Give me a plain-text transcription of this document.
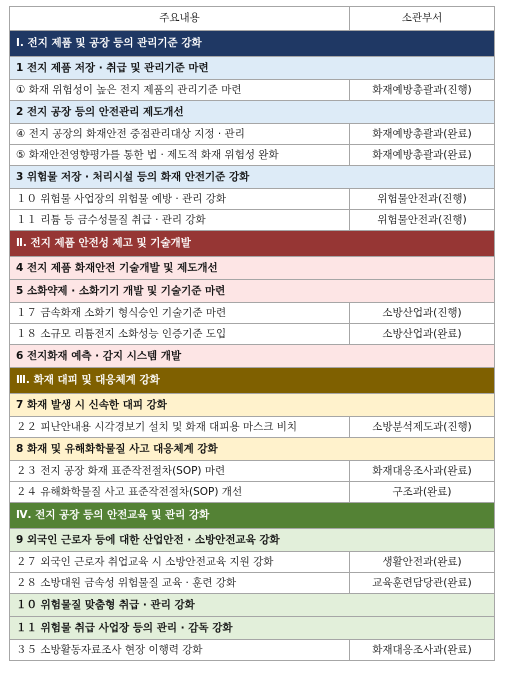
주요내용	소관부서
Ⅰ. 전지 제품 및 공장 등의 관리기준 강화	
1 전지 제품 저장 · 취급 및 관리기준 마련	
① 화재 위험성이 높은 전지 제품의 관리기준 마련	화재예방총괄과(진행)
2 전지 공장 등의 안전관리 제도개선	
④ 전지 공장의 화재안전 중점관리대상 지정 · 관리	화재예방총괄과(완료)
⑤ 화재안전영향평가를 통한 법 · 제도적 화재 위험성 완화	화재예방총괄과(완료)
3 위험물 저장 · 처리시설 등의 화재 안전기준 강화	
１０ 위험물 사업장의 위험물 예방 · 관리 강화	위험물안전과(진행)
１１ 리튬 등 금수성물질 취급 · 관리 강화	위험물안전과(진행)
Ⅱ. 전지 제품 안전성 제고 및 기술개발	
4 전지 제품 화재안전 기술개발 및 제도개선	
5 소화약제 · 소화기기 개발 및 기술기준 마련	
１７ 금속화재 소화기 형식승인 기술기준 마련	소방산업과(진행)
１８ 소규모 리튬전지 소화성능 인증기준 도입	소방산업과(완료)
6 전지화재 예측 · 감지 시스템 개발	
Ⅲ. 화재 대피 및 대응체계 강화	
7 화재 발생 시 신속한 대피 강화	
２２ 피난안내용 시각경보기 설치 및 화재 대피용 마스크 비치	소방분석제도과(진행)
8 화재 및 유해화학물질 사고 대응체계 강화	
２３ 전지 공장 화재 표준작전절차(SOP) 마련	화재대응조사과(완료)
２４ 유해화학물질 사고 표준작전절차(SOP) 개선	구조과(완료)
Ⅳ. 전지 공장 등의 안전교육 및 관리 강화	
9 외국인 근로자 등에 대한 산업안전 · 소방안전교육 강화	
２７ 외국인 근로자 취업교육 시 소방안전교육 지원 강화	생활안전과(완료)
２８ 소방대원 금속성 위험물질 교육 · 훈련 강화	교육훈련담당관(완료)
１０ 위험물질 맞춤형 취급 · 관리 강화	
１１ 위험물 취급 사업장 등의 관리 · 감독 강화	
３５ 소방활동자료조사 현장 이행력 강화	화재대응조사과(완료)
